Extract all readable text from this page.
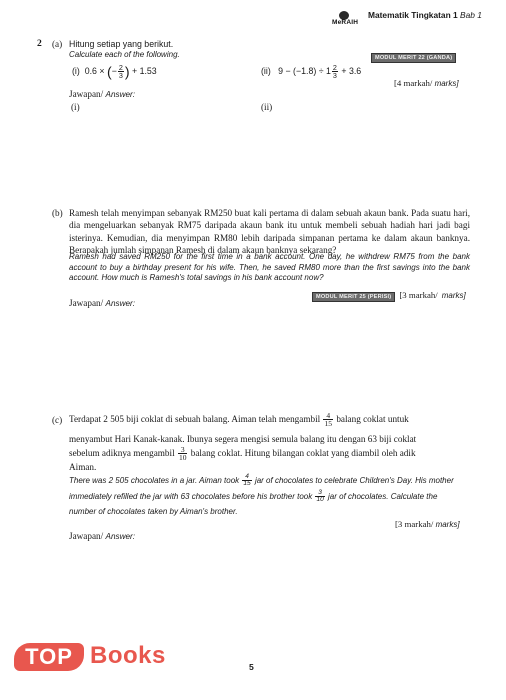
MeRAIH
Matematik Tingkatan 1 Bab 1
2 (a) Hitung setiap yang berikut.
Calculate each of the following.	MODUL MERIT 22 (GANDA)
(i) 0.6 × (− $\frac{2}{3}$ ) + 1.53	(ii) $9 - (-1.8) \div 1 \frac{2}{3} + 3.6$
[4 markah/ marks]
Jawapan/ Answer:
(i)	(ii)
(b) Ramesh telah menyimpan sebanyak RM250 buat kali pertama di dalam sebuah akaun bank. Pada suatu hari, dia mengeluarkan sebanyak RM75 daripada akaun bank itu untuk membeli sebuah hadiah hari jadi bagi isterinya. Kemudian, dia menyimpan RM80 lebih daripada simpanan pertama ke dalam akaun banknya. Berapakah jumlah simpanan Ramesh di dalam akaun banknya sekarang?
Ramesh had saved RM250 for the first time in a bank account. One day, he withdrew RM75 from the bank account to buy a birthday present for his wife. Then, he saved RM80 more than the first savings into the bank account. How much is Ramesh's total savings in his bank account now?
MODUL MERIT 25 (PERISI) [3 markah/ marks]
Jawapan/ Answer:
(c) Terdapat 2 505 biji coklat di sebuah balang. Aiman telah mengambil $\frac{4}{15}$ balang coklat untuk
menyambut Hari Kanak-kanak. Ibunya segera mengisi semula balang itu dengan 63 biji coklat
sebelum adiknya mengambil $\frac{3}{10}$ balang coklat. Hitung bilangan coklat yang diambil oleh adik
Aiman.
There was 2 505 chocolates in a jar. Aiman took $\frac{4}{15}$ jar of chocolates to celebrate Children's Day. His mother
immediately refilled the jar with 63 chocolates before his brother took $\frac{3}{10}$ jar of chocolates. Calculate the
number of chocolates taken by Aiman's brother.
[3 markah/ marks]
Jawapan/ Answer:
5
TOP Books
